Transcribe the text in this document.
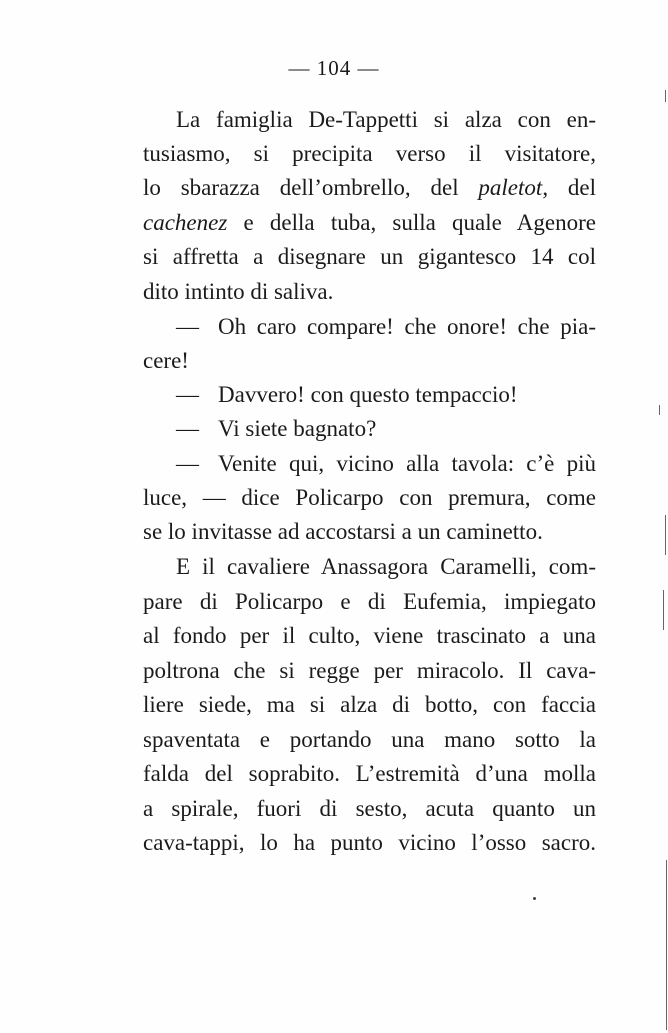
— 104 —
La famiglia De-Tappetti si alza con en-
tusiasmo, si precipita verso il visitatore,
lo sbarazza dell’ombrello, del paletot, del
cachenez e della tuba, sulla quale Agenore
si affretta a disegnare un gigantesco 14 col
dito intinto di saliva.
— Oh caro compare! che onore! che pia-
cere!
— Davvero! con questo tempaccio!
— Vi siete bagnato?
— Venite qui, vicino alla tavola: c’è più
luce, — dice Policarpo con premura, come
se lo invitasse ad accostarsi a un caminetto.
E il cavaliere Anassagora Caramelli, com-
pare di Policarpo e di Eufemia, impiegato
al fondo per il culto, viene trascinato a una
poltrona che si regge per miracolo. Il cava-
liere siede, ma si alza di botto, con faccia
spaventata e portando una mano sotto la
falda del soprabito. L’estremità d’una molla
a spirale, fuori di sesto, acuta quanto un
cava-tappi, lo ha punto vicino l’osso sacro.
